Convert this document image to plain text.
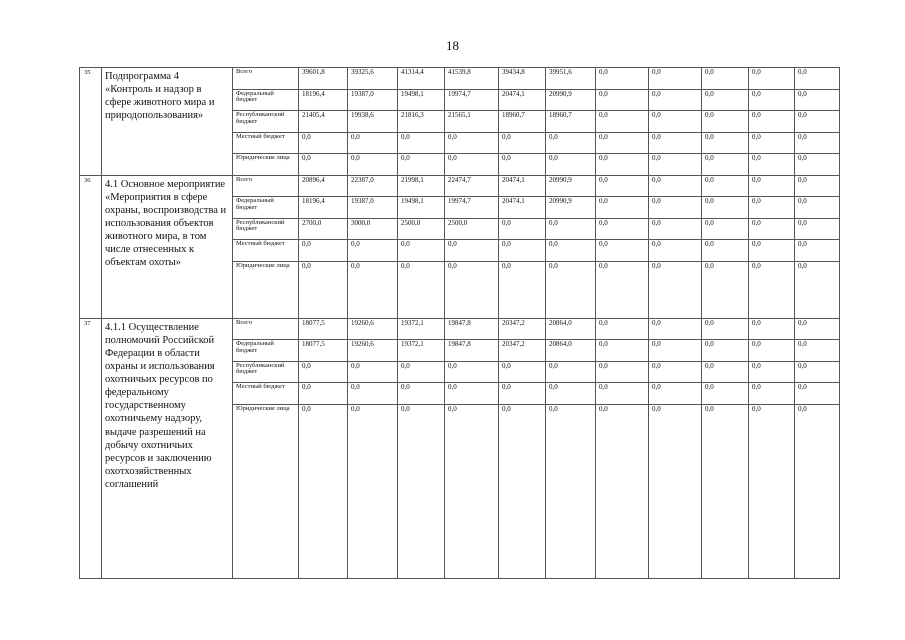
18
35	Подпрограмма 4 «Контроль и надзор в сфере животного мира и природопользования»	Всего	39601,8	39325,6	41314,4	41539,8	39434,8	39951,6	0,0	0,0	0,0	0,0	0,0
		Федеральный бюджет	18196,4	19387,0	19498,1	19974,7	20474,1	20990,9	0,0	0,0	0,0	0,0	0,0
		Республиканский бюджет	21405,4	19938,6	21816,3	21565,1	18960,7	18960,7	0,0	0,0	0,0	0,0	0,0
		Местный бюджет	0,0	0,0	0,0	0,0	0,0	0,0	0,0	0,0	0,0	0,0	0,0
		Юридические лица	0,0	0,0	0,0	0,0	0,0	0,0	0,0	0,0	0,0	0,0	0,0
36	4.1 Основное мероприятие «Мероприятия в сфере охраны, воспроизводства и использования объектов животного мира, в том числе отнесенных к объектам охоты»	Всего	20896,4	22387,0	21998,1	22474,7	20474,1	20990,9	0,0	0,0	0,0	0,0	0,0
		Федеральный бюджет	18196,4	19387,0	19498,1	19974,7	20474,1	20990,9	0,0	0,0	0,0	0,0	0,0
		Республиканский бюджет	2700,0	3000,0	2500,0	2500,0	0,0	0,0	0,0	0,0	0,0	0,0	0,0
		Местный бюджет	0,0	0,0	0,0	0,0	0,0	0,0	0,0	0,0	0,0	0,0	0,0
		Юридические лица	0,0	0,0	0,0	0,0	0,0	0,0	0,0	0,0	0,0	0,0	0,0
37	4.1.1 Осуществление полномочий Российской Федерации в области охраны и использования охотничьих ресурсов по федеральному государственному охотничьему надзору, выдаче разрешений на добычу охотничьих ресурсов и заключению охотхозяйственных соглашений	Всего	18077,5	19260,6	19372,1	19847,8	20347,2	20864,0	0,0	0,0	0,0	0,0	0,0
		Федеральный бюджет	18077,5	19260,6	19372,1	19847,8	20347,2	20864,0	0,0	0,0	0,0	0,0	0,0
		Республиканский бюджет	0,0	0,0	0,0	0,0	0,0	0,0	0,0	0,0	0,0	0,0	0,0
		Местный бюджет	0,0	0,0	0,0	0,0	0,0	0,0	0,0	0,0	0,0	0,0	0,0
		Юридические лица	0,0	0,0	0,0	0,0	0,0	0,0	0,0	0,0	0,0	0,0	0,0
